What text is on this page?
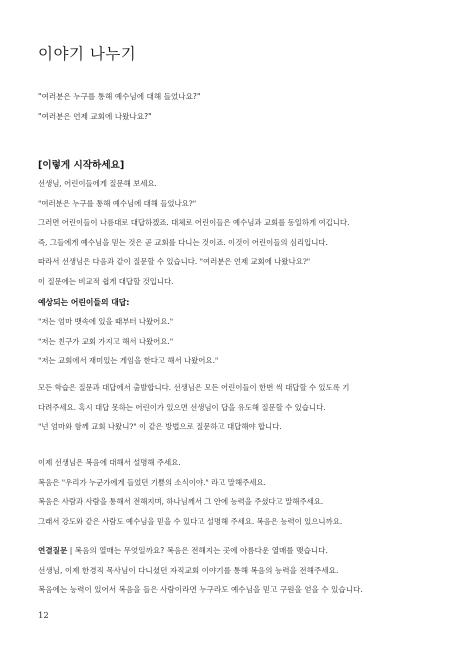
이야기 나누기
"여러분은 누구를 통해 예수님에 대해 들었나요?"
"여러분은 언제 교회에 나왔나요?"
[이렇게 시작하세요]
선생님, 어린이들에게 질문해 보세요.
"여러분은 누구를 통해 예수님에 대해 들었나요?"
그러면 어린이들이 나름대로 대답하겠죠. 대체로 어린이들은 예수님과 교회를 동일하게 여깁니다.
즉, 그들에게 예수님을 믿는 것은 곧 교회를 다니는 것이죠. 이것이 어린이들의 심리입니다.
따라서 선생님은 다음과 같이 질문할 수 있습니다. "여러분은 언제 교회에 나왔나요?"
이 질문에는 비교적 쉽게 대답할 것입니다.
예상되는 어린이들의 대답:
"저는 엄마 뱃속에 있을 때부터 나왔어요."
"저는 친구가 교회 가지고 해서 나왔어요."
"저는 교회에서 재미있는 게임을 한다고 해서 나왔어요."
모든 학습은 질문과 대답에서 출발합니다. 선생님은 모든 어린이들이 한번 씩 대답할 수 있도록 기
다려주세요. 혹시 대답 못하는 어린이가 있으면 선생님이 답을 유도해 질문할 수 있습니다.
"넌 엄마와 함께 교회 나왔니?" 이 같은 방법으로 질문하고 대답해야 합니다.
이제 선생님은 복음에 대해서 설명해 주세요.
복음은 "우리가 누군가에게 들었던 기쁨의 소식이야." 라고 말해주세요.
복음은 사람과 사람을 통해서 전해지며, 하나님께서 그 안에 능력을 주셨다고 말해주세요.
그래서 강도와 같은 사람도 예수님을 믿을 수 있다고 설명해 주세요. 복음은 능력이 있으니까요.
연결질문 | 복음의 열매는 무엇일까요? 복음은 전해지는 곳에 아름다운 열매를 맺습니다.
선생님, 이제 한경직 목사님이 다니셨던 자직교회 이야기를 통해 복음의 능력을 전해주세요.
복음에는 능력이 있어서 복음을 들은 사람이라면 누구라도 예수님을 믿고 구원을 얻을 수 있습니다.
12
